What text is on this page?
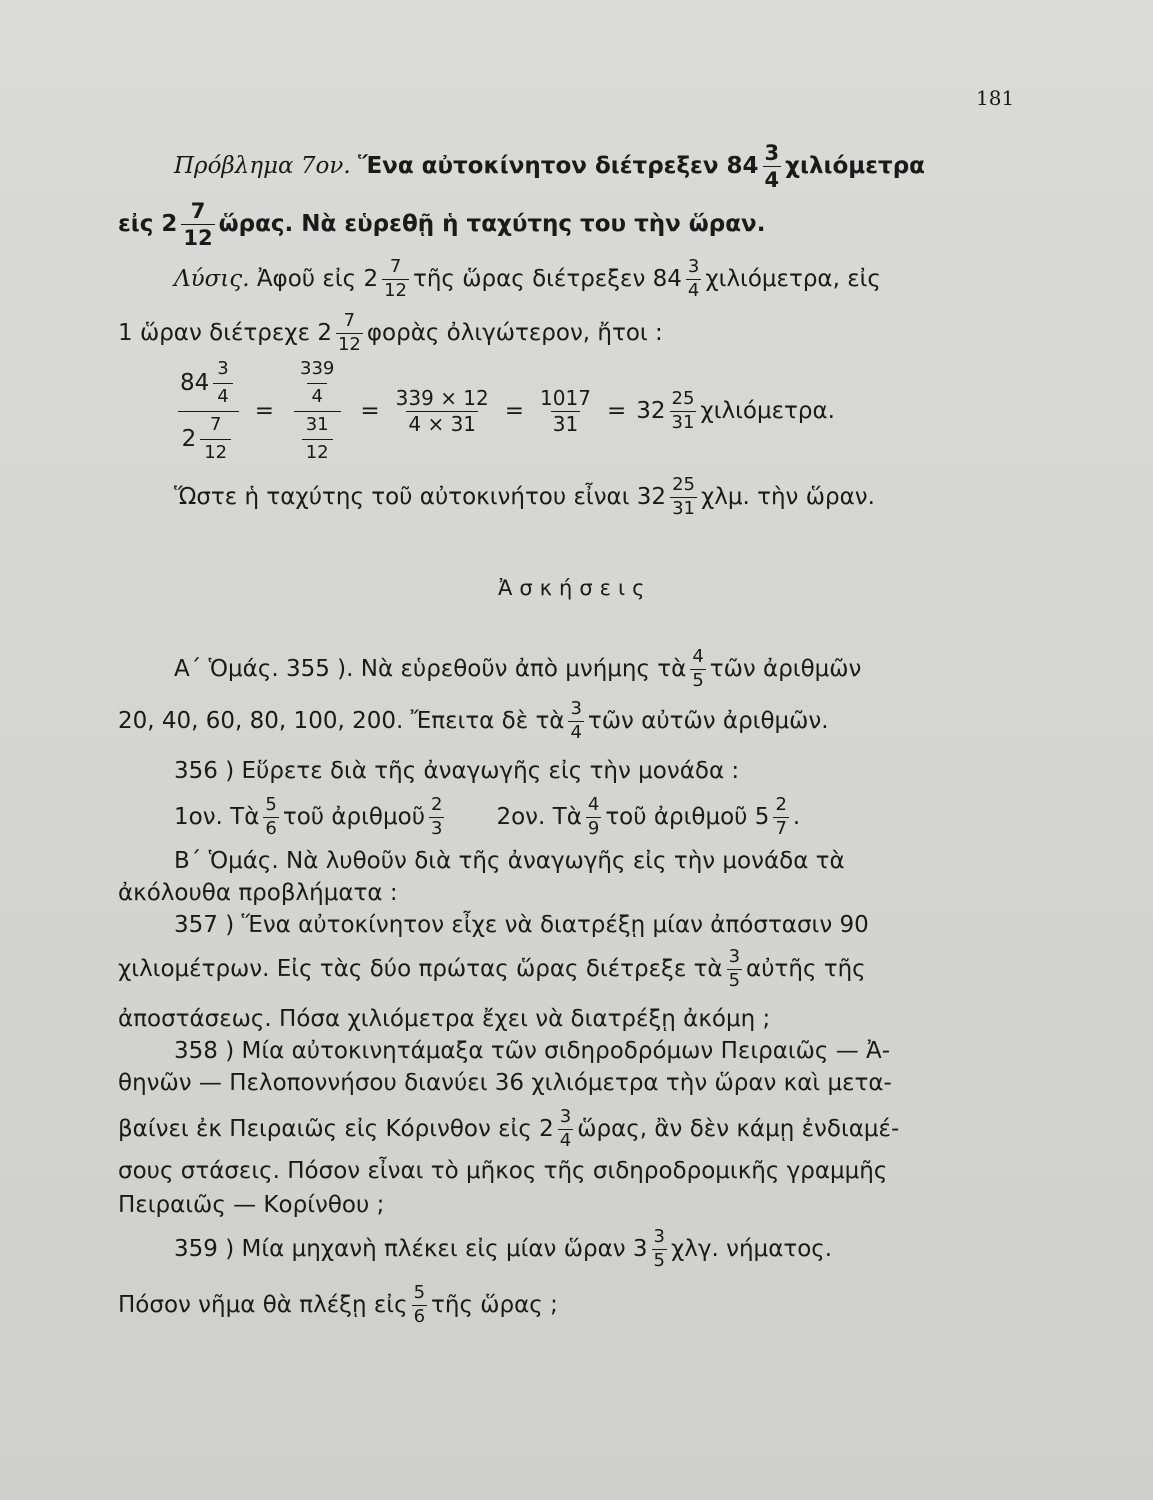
181
Πρόβλημα 7ον.
Ἕνα αὐτοκίνητον διέτρεξεν 84
3
4
χιλιόμετρα
εἰς 2
7
12
ὥρας. Νὰ εὑρεθῇ ἡ ταχύτης του τὴν ὥραν.
Λύσις.
Ἀφοῦ εἰς 2 7
12 τῆς ὥρας διέτρεξεν 84 3
4 χιλιόμετρα, εἰς
1 ὥραν διέτρεχε 2 7
12 φορὰς ὀλιγώτερον, ἤτοι :
84
3
4
2
7
12 = 339
4
31
$12 = \frac{339 \times 12}{4 \times 31} = \frac{1017}{31} = 32$ 25
31 χιλιόμετρα.
Ὥστε ἡ ταχύτης τοῦ αὐτοκινήτου εἶναι 32 25
31 χλμ. τὴν ὥραν.
Ἀσκήσεις
Α΄ Ὁμάς. 355 ). Νὰ εὑρεθοῦν ἀπὸ μνήμης τὰ 4
5 τῶν ἀριθμῶν
20, 40, 60, 80, 100, 200. Ἔπειτα δὲ τὰ 3
4 τῶν αὐτῶν ἀριθμῶν.
356 ) Εὕρετε διὰ τῆς ἀναγωγῆς εἰς τὴν μονάδα :
1ον. Τὰ 5
6 τοῦ ἀριθμοῦ 2
3 2ον. Τὰ 4
9 τοῦ ἀριθμοῦ 5 2
7 .
Β΄ Ὁμάς. Νὰ λυθοῦν διὰ τῆς ἀναγωγῆς εἰς τὴν μονάδα τὰ
ἀκόλουθα προβλήματα :
357 ) Ἕνα αὐτοκίνητον εἶχε νὰ διατρέξῃ μίαν ἀπόστασιν 90
χιλιομέτρων. Εἰς τὰς δύο πρώτας ὥρας διέτρεξε τὰ 3
5 αὐτῆς τῆς
ἀποστάσεως. Πόσα χιλιόμετρα ἔχει νὰ διατρέξῃ ἀκόμη ;
358 ) Μία αὐτοκινητάμαξα τῶν σιδηροδρόμων Πειραιῶς — Ἀ-
θηνῶν — Πελοποννήσου διανύει 36 χιλιόμετρα τὴν ὥραν καὶ μετα-
βαίνει ἐκ Πειραιῶς εἰς Κόρινθον εἰς 2 3
4 ὥρας, ἂν δὲν κάμῃ ἐνδιαμέ-
σους στάσεις. Πόσον εἶναι τὸ μῆκος τῆς σιδηροδρομικῆς γραμμῆς
Πειραιῶς — Κορίνθου ;
359 ) Μία μηχανὴ πλέκει εἰς μίαν ὥραν 3 3
5 χλγ. νήματος.
Πόσον νῆμα θὰ πλέξῃ εἰς 5
6 τῆς ὥρας ;
